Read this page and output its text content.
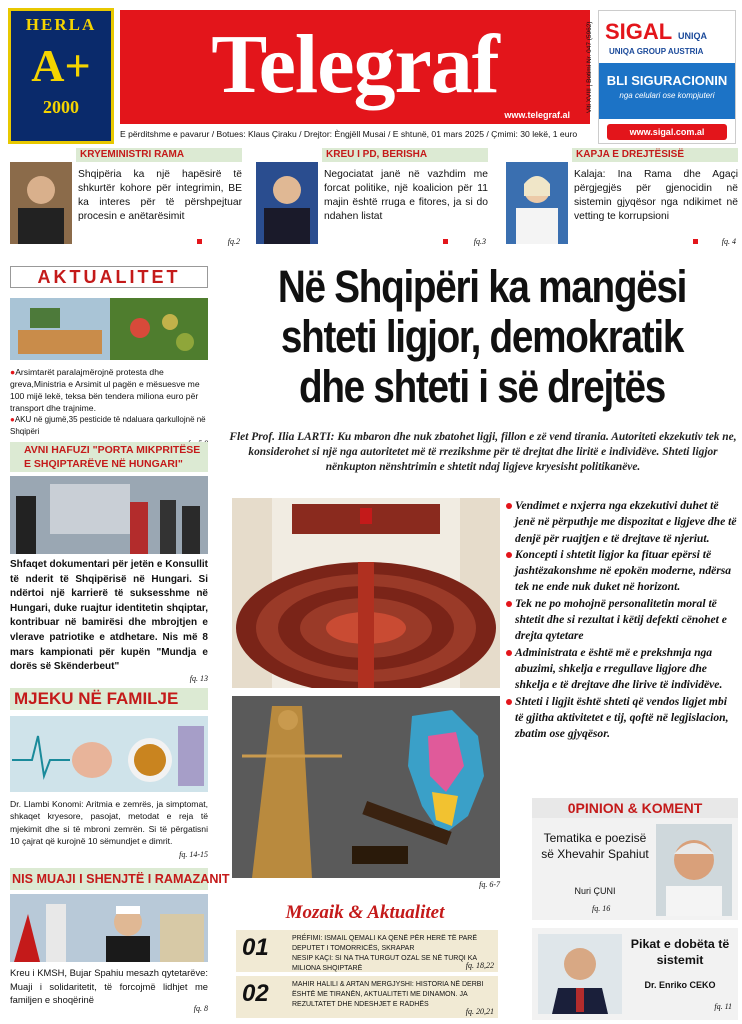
HERLA
A+
2000	Telegraf
www.telegraf.al
Viti XVIII | Botimi Nr. 047 (5962) SIGAL UNIQA
UNIQA GROUP AUSTRIA
BLI SIGURACIONIN
nga celulari ose kompjuteri
www.sigal.com.al
E përditshme e pavarur / Botues: Klaus Çiraku / Drejtor: Èngjëll Musai / E shtunë, 01 mars 2025 / Çmimi: 30 lekë, 1 euro
KRYEMINISTRI RAMA
Shqipëria ka një hapësirë të shkurtër kohore për integrimin, BE ka interes për të përshpejtuar procesin e anëtarësimit
fq.2
KREU I PD, BERISHA
Negociatat janë në vazhdim me forcat politike, një koalicion për 11 majin është rruga e fitores, ja si do ndahen listat
fq.3
KAPJA E DREJTËSISË
Kalaja: Ina Rama dhe Agaçi përgjegjës për gjenocidin në sistemin gjyqësor nga ndikimet në vetting te korrupsioni
fq. 4
AKTUALITET
●Arsimtarët paralajmërojnë protesta dhe greva,Ministria e Arsimit ul pagën e mësuesve me 100 mijë lekë, teksa bën tendera miliona euro për transport dhe trajnime.
●AKU në gjumë,35 pesticide të ndaluara qarkullojnë në Shqipëri
AVNI HAFUZI "PORTA MIKPRITËSE E SHQIPTARËVE NË HUNGARI"
Shfaqet dokumentari për jetën e Konsullit të nderit të Shqipërisë në Hungari. Si ndërtoi një karrierë të suksesshme në Hungari, duke ruajtur identitetin shqiptar, kontribuar në bamirësi dhe mbrojtjen e vlerave patriotike e atdhetare. Nis më 8 mars kampionati për kupën "Mundja e dorës së Skënderbeut"
fq. 13
MJEKU NË FAMILJE
Dr. Llambi Konomi: Aritmia e zemrës, ja simptomat, shkaqet kryesore, pasojat, metodat e reja të mjekimit dhe si të mbroni zemrën. Si të përgatisni 10 çajrat që kurojnë 10 sëmundjet e dimrit.
fq. 14-15
NIS MUAJI I SHENJTË I RAMAZANIT
Kreu i KMSH, Bujar Spahiu mesazh qytetarëve: Muaji i solidaritetit, të forcojmë lidhjet me familjen e shoqërinë
fq. 8
Në Shqipëri ka mangësi shteti ligjor, demokratik dhe shteti i së drejtës
Flet Prof. Ilia LARTI: Ku mbaron dhe nuk zbatohet ligji, fillon e zë vend tirania. Autoriteti ekzekutiv tek ne, konsiderohet si një nga autoritetet më të rrezikshme për të drejtat dhe liritë e individëve. Shteti ligjor nënkupton nënshtrimin e shtetit ndaj ligjeve kryesisht politikanëve.
fq. 6-7
Vendimet e nxjerra nga ekzekutivi duhet të jenë në përputhje me dispozitat e ligjeve dhe të denjë për ruajtjen e të drejtave të njeriut.
Koncepti i shtetit ligjor ka fituar epërsi të jashtëzakonshme në epokën moderne, ndërsa tek ne ende nuk duket në horizont.
Tek ne po mohojnë personalitetin moral të shtetit dhe si rezultat i këtij defekti cënohet e drejta qytetare
Administrata e është më e prekshmja nga abuzimi, shkelja e rregullave ligjore dhe shkelja e të drejtave dhe lirive të individëve.
Shteti i ligjit është shteti që vendos ligjet mbi të gjitha aktivitetet e tij, qoftë në legjislacion, zbatim ose gjyqësor.
0PINION & KOMENT
Tematika e poezisë së Xhevahir Spahiut
Nuri ÇUNI
fq. 16
Mozaik & Aktualitet
01	PRÉFIMI: ISMAIL QEMALI KA QENË PËR HERË TË PARË DEPUTET I TOMORRICËS, SKRAPAR
NESIP KAÇI: SI NA THA TURGUT OZAL SE NË TURQI KA MILIONA SHQIPTARË	fq. 18,22
02	MAHIR HALILI & ARTAN MERGJYSHI: HISTORIA NË DERBI ËSHTË ME TIRANËN, AKTUALITETI ME DINAMON. JA REZULTATET DHE NDESHJET E RADHËS
fq. 20,21
Pikat e dobëta të sistemit
Dr. Enriko CEKO
fq. 11
